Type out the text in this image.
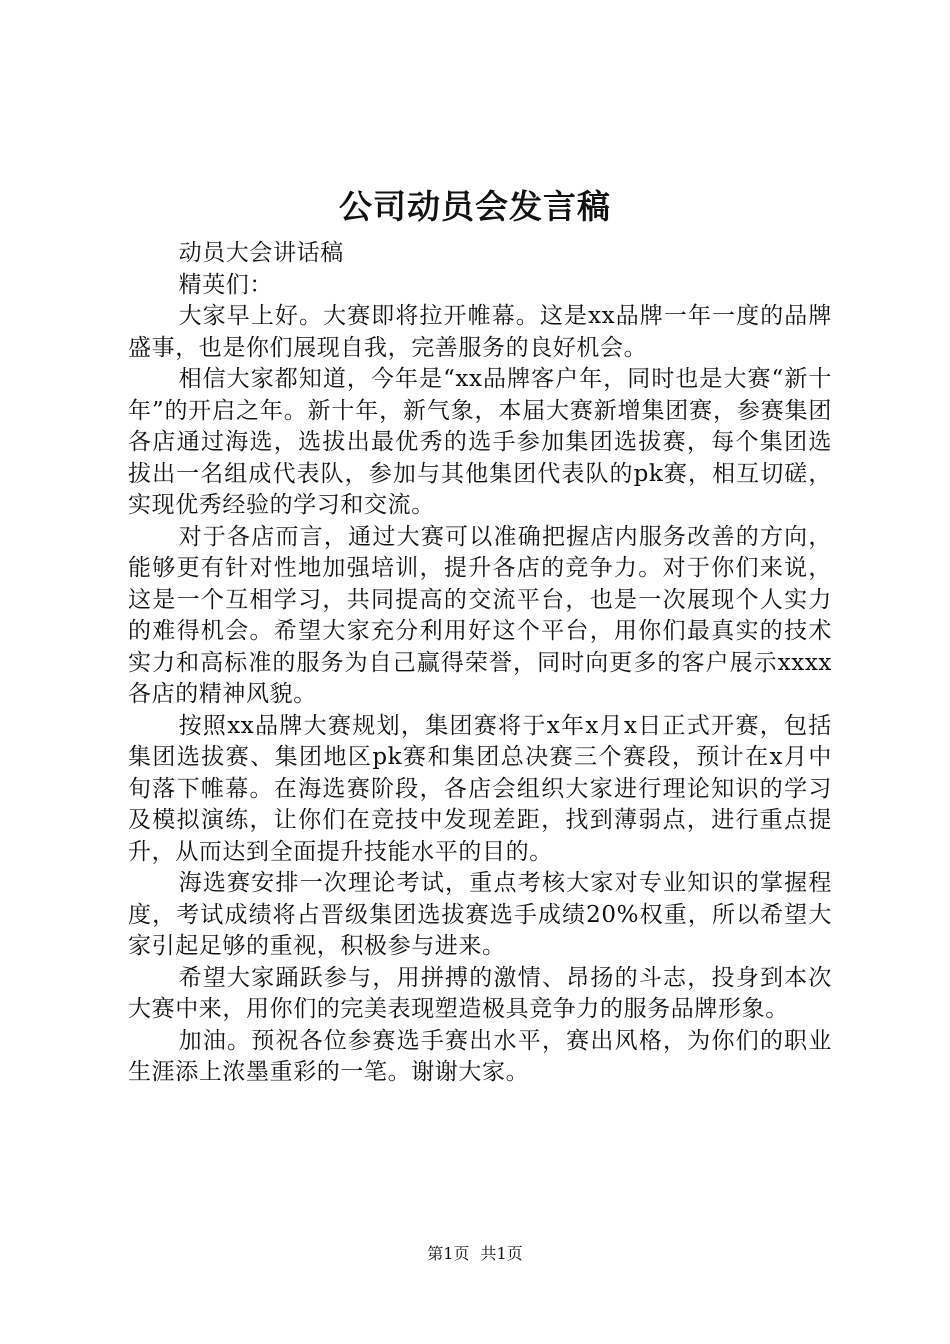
公司动员会发言稿

动员大会讲话稿

精英们：

大家早上好。大赛即将拉开帷幕。这是xx品牌一年一度的品牌盛事，也是你们展现自我，完善服务的良好机会。

相信大家都知道，今年是“xx品牌客户年，同时也是大赛“新十年”的开启之年。新十年，新气象，本届大赛新增集团赛，参赛集团各店通过海选，选拔出最优秀的选手参加集团选拔赛，每个集团选拔出一名组成代表队，参加与其他集团代表队的pk赛，相互切磋，实现优秀经验的学习和交流。

对于各店而言，通过大赛可以准确把握店内服务改善的方向，能够更有针对性地加强培训，提升各店的竞争力。对于你们来说，这是一个互相学习，共同提高的交流平台，也是一次展现个人实力的难得机会。希望大家充分利用好这个平台，用你们最真实的技术实力和高标准的服务为自己赢得荣誉，同时向更多的客户展示xxxx各店的精神风貌。

按照xx品牌大赛规划，集团赛将于x年x月x日正式开赛，包括集团选拔赛、集团地区pk赛和集团总决赛三个赛段，预计在x月中旬落下帷幕。在海选赛阶段，各店会组织大家进行理论知识的学习及模拟演练，让你们在竞技中发现差距，找到薄弱点，进行重点提升，从而达到全面提升技能水平的目的。

海选赛安排一次理论考试，重点考核大家对专业知识的掌握程度，考试成绩将占晋级集团选拔赛选手成绩20%权重，所以希望大家引起足够的重视，积极参与进来。

希望大家踊跃参与，用拼搏的激情、昂扬的斗志，投身到本次大赛中来，用你们的完美表现塑造极具竞争力的服务品牌形象。

加油。预祝各位参赛选手赛出水平，赛出风格，为你们的职业生涯添上浓墨重彩的一笔。谢谢大家。

第1页 共1页
